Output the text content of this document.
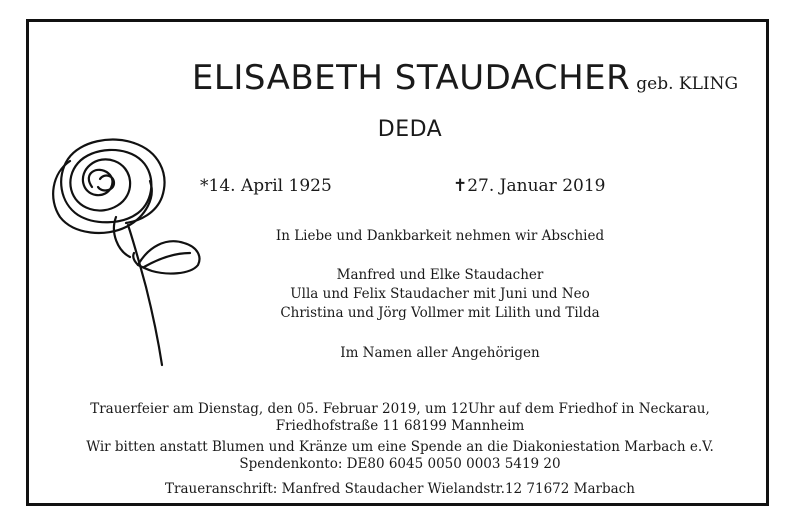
ELISABETH STAUDACHER geb. KLING
DEDA
*14. April 1925	✝27. Januar 2019
In Liebe und Dankbarkeit nehmen wir Abschied
Manfred und Elke Staudacher
Ulla und Felix Staudacher mit Juni und Neo
Christina und Jörg Vollmer mit Lilith und Tilda
Im Namen aller Angehörigen
Trauerfeier am Dienstag, den 05. Februar 2019, um 12Uhr auf dem Friedhof in Neckarau,
Friedhofstraße 11 68199 Mannheim
Wir bitten anstatt Blumen und Kränze um eine Spende an die Diakoniestation Marbach e.V.
Spendenkonto: DE80 6045 0050 0003 5419 20
Traueranschrift: Manfred Staudacher Wielandstr.12 71672 Marbach
